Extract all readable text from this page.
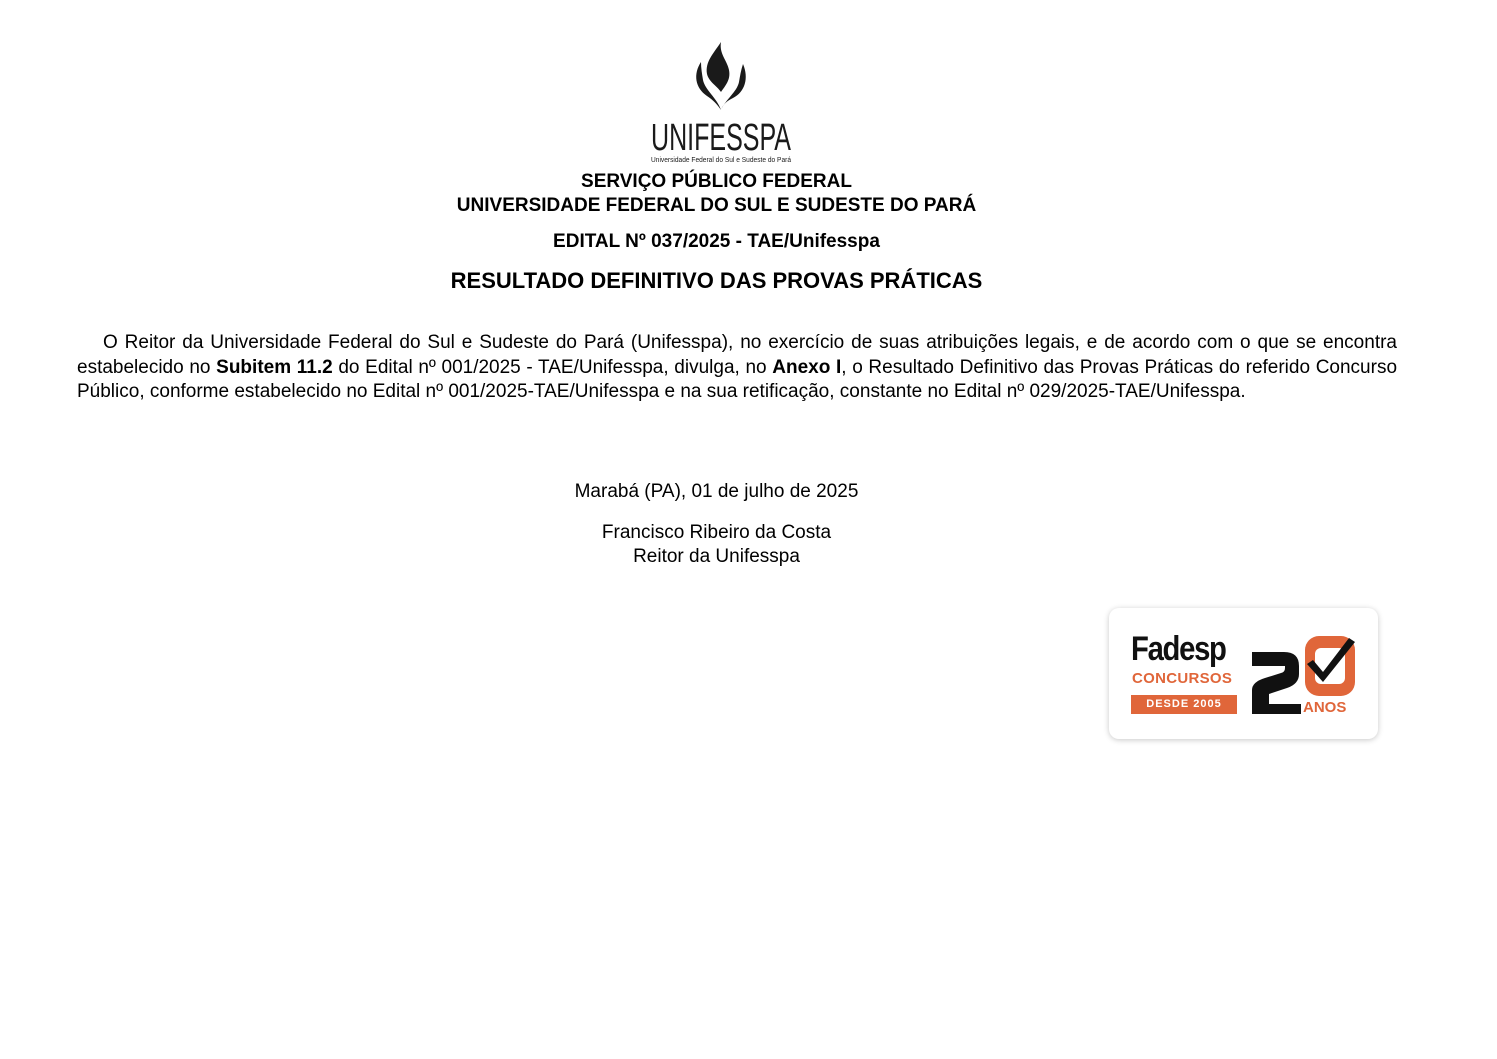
UNIFESSPA
Universidade Federal do Sul e Sudeste do Pará
SERVIÇO PÚBLICO FEDERAL
UNIVERSIDADE FEDERAL DO SUL E SUDESTE DO PARÁ
EDITAL Nº 037/2025 - TAE/Unifesspa
RESULTADO DEFINITIVO DAS PROVAS PRÁTICAS

O Reitor da Universidade Federal do Sul e Sudeste do Pará (Unifesspa), no exercício de suas atribuições legais, e de acordo com o que se encontra estabelecido no Subitem 11.2 do Edital nº 001/2025 - TAE/Unifesspa, divulga, no Anexo I, o Resultado Definitivo das Provas Práticas do referido Concurso Público, conforme estabelecido no Edital nº 001/2025-TAE/Unifesspa e na sua retificação, constante no Edital nº 029/2025-TAE/Unifesspa.

Marabá (PA), 01 de julho de 2025
Francisco Ribeiro da Costa
Reitor da Unifesspa
Fadesp
CONCURSOS
DESDE 2005	ANOS
